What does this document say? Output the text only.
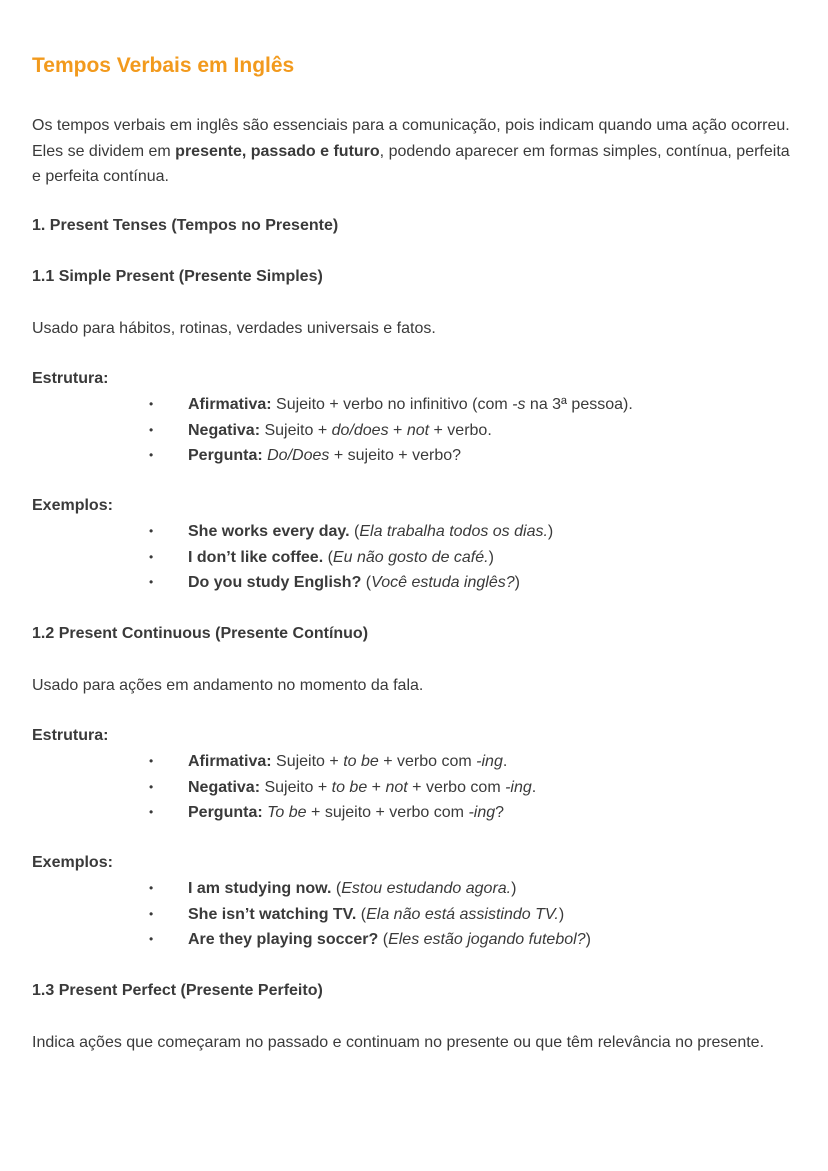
Tempos Verbais em Inglês

Os tempos verbais em inglês são essenciais para a comunicação, pois indicam quando uma ação ocorreu. Eles se dividem em presente, passado e futuro, podendo aparecer em formas simples, contínua, perfeita e perfeita contínua.

1. Present Tenses (Tempos no Presente)
1.1 Simple Present (Presente Simples)

Usado para hábitos, rotinas, verdades universais e fatos.

Estrutura:
• Afirmativa: Sujeito + verbo no infinitivo (com -s na 3ª pessoa).
• Negativa: Sujeito + do/does + not + verbo.
• Pergunta: Do/Does + sujeito + verbo?
Exemplos:
• She works every day. (Ela trabalha todos os dias.)
• I don’t like coffee. (Eu não gosto de café.)
• Do you study English? (Você estuda inglês?)
1.2 Present Continuous (Presente Contínuo)

Usado para ações em andamento no momento da fala.

Estrutura:
• Afirmativa: Sujeito + to be + verbo com -ing.
• Negativa: Sujeito + to be + not + verbo com -ing.
• Pergunta: To be + sujeito + verbo com -ing?
Exemplos:
• I am studying now. (Estou estudando agora.)
• She isn’t watching TV. (Ela não está assistindo TV.)
• Are they playing soccer? (Eles estão jogando futebol?)
1.3 Present Perfect (Presente Perfeito)

Indica ações que começaram no passado e continuam no presente ou que têm relevância no presente.
